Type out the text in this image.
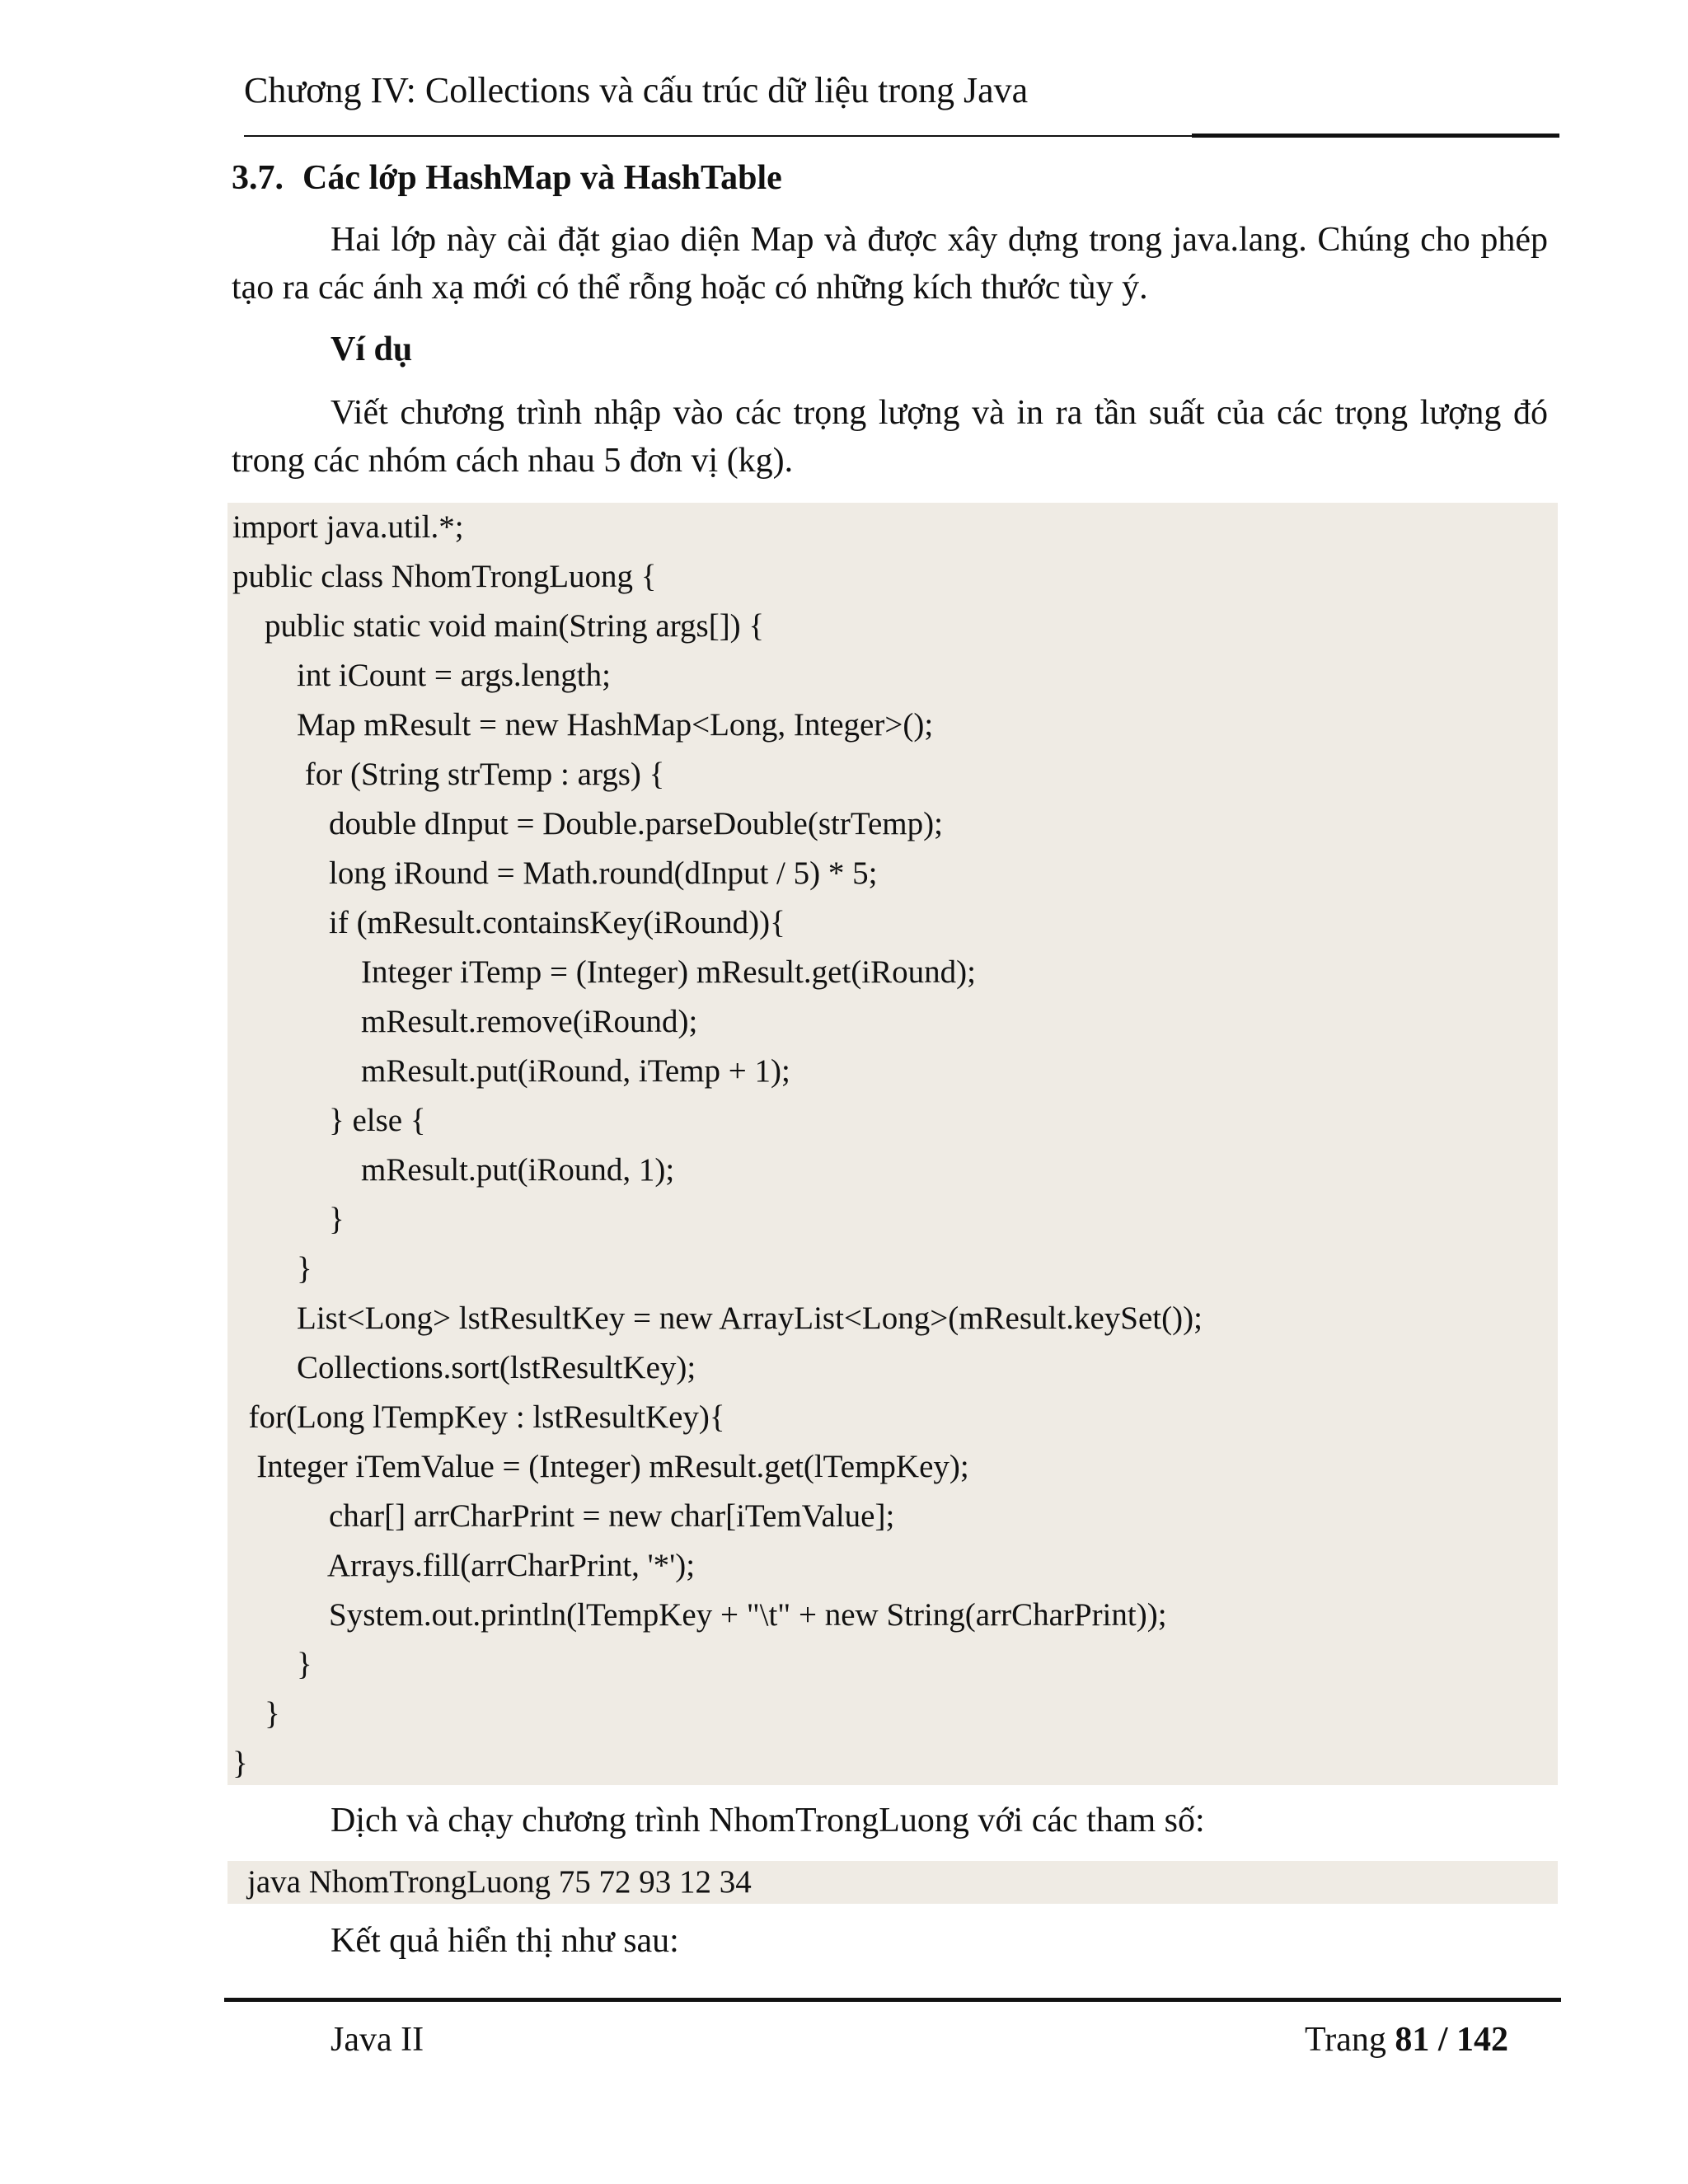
Chương IV: Collections và cấu trúc dữ liệu trong Java
3.7. Các lớp HashMap và HashTable
Hai lớp này cài đặt giao diện Map và được xây dựng trong java.lang. Chúng cho phép tạo ra các ánh xạ mới có thể rỗng hoặc có những kích thước tùy ý.
Ví dụ
Viết chương trình nhập vào các trọng lượng và in ra tần suất của các trọng lượng đó trong các nhóm cách nhau 5 đơn vị (kg).
import java.util.*;
public class NhomTrongLuong {
public static void main(String args[]) {
int iCount = args.length;
Map mResult = new HashMap<Long, Integer>();
for (String strTemp : args) {
double dInput = Double.parseDouble(strTemp);
long iRound = Math.round(dInput / 5) * 5;
if (mResult.containsKey(iRound)){
Integer iTemp = (Integer) mResult.get(iRound);
mResult.remove(iRound);
mResult.put(iRound, iTemp + 1);
} else {
mResult.put(iRound, 1);
}
}
List<Long> lstResultKey = new ArrayList<Long>(mResult.keySet());
Collections.sort(lstResultKey);
for(Long lTempKey : lstResultKey){
Integer iTemValue = (Integer) mResult.get(lTempKey);
char[] arrCharPrint = new char[iTemValue];
Arrays.fill(arrCharPrint, '*');
System.out.println(lTempKey + "\t" + new String(arrCharPrint));
}
}
}
Dịch và chạy chương trình NhomTrongLuong với các tham số:
java NhomTrongLuong 75 72 93 12 34
Kết quả hiển thị như sau:
Java II	Trang 81 / 142
